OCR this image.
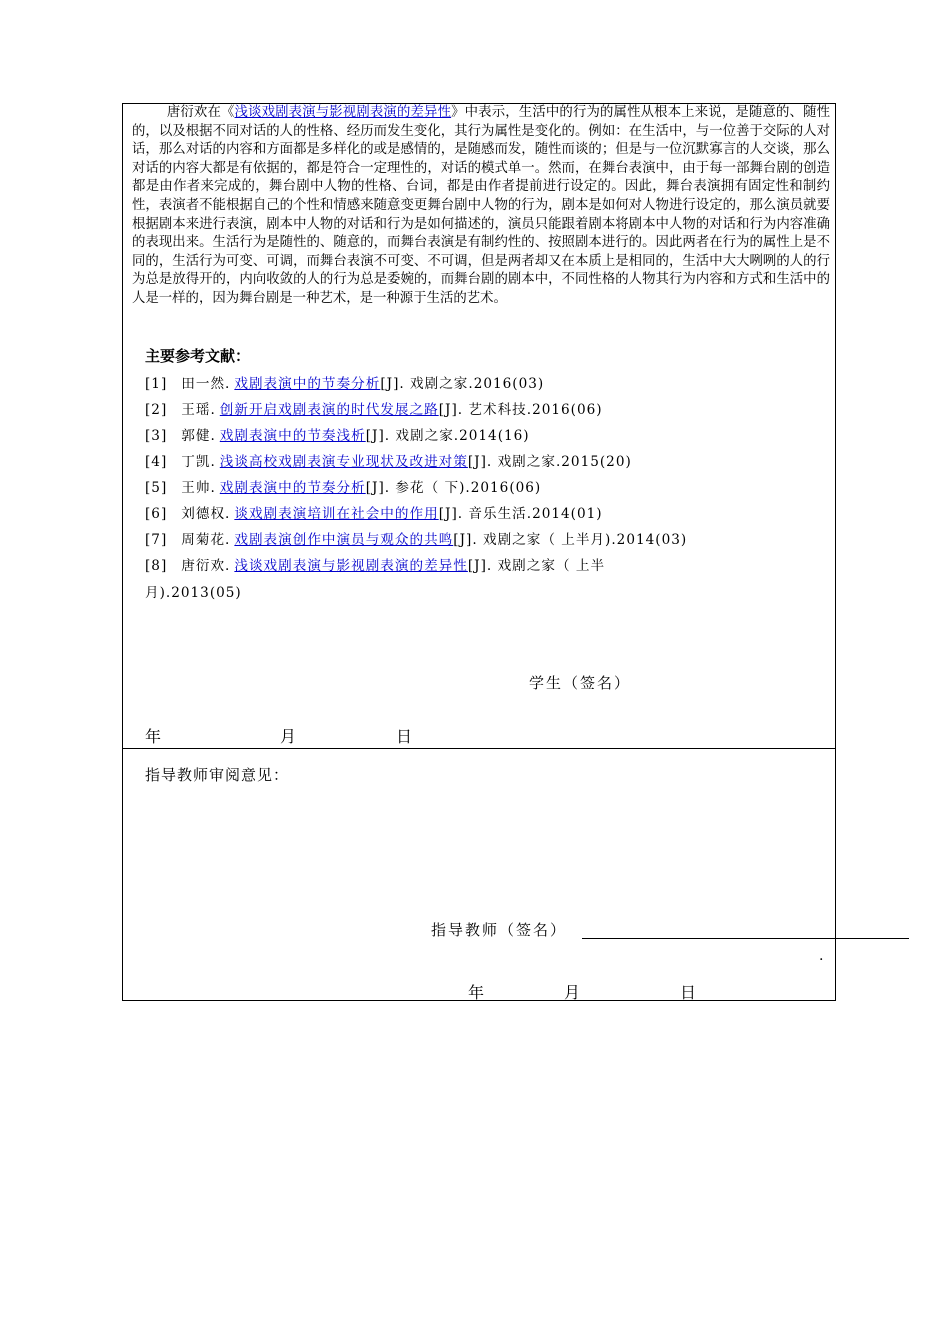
唐衍欢在《浅谈戏剧表演与影视剧表演的差异性》中表示，生活中的行为的属性从根本上来说，是随意的、随性的，以及根据不同对话的人的性格、经历而发生变化，其行为属性是变化的。例如：在生活中，与一位善于交际的人对话，那么对话的内容和方面都是多样化的或是感情的，是随感而发，随性而谈的；但是与一位沉默寡言的人交谈，那么对话的内容大都是有依据的，都是符合一定理性的，对话的模式单一。然而，在舞台表演中，由于每一部舞台剧的创造都是由作者来完成的，舞台剧中人物的性格、台词，都是由作者提前进行设定的。因此，舞台表演拥有固定性和制约性，表演者不能根据自己的个性和情感来随意变更舞台剧中人物的行为，剧本是如何对人物进行设定的，那么演员就要根据剧本来进行表演，剧本中人物的对话和行为是如何描述的，演员只能跟着剧本将剧本中人物的对话和行为内容准确的表现出来。生活行为是随性的、随意的，而舞台表演是有制约性的、按照剧本进行的。因此两者在行为的属性上是不同的，生活行为可变、可调，而舞台表演不可变、不可调，但是两者却又在本质上是相同的，生活中大大咧咧的人的行为总是放得开的，内向收敛的人的行为总是委婉的，而舞台剧的剧本中，不同性格的人物其行为内容和方式和生活中的人是一样的，因为舞台剧是一种艺术，是一种源于生活的艺术。

主要参考文献：
[1] 田一然. 戏剧表演中的节奏分析[J]. 戏剧之家.2016(03)
[2] 王瑶. 创新开启戏剧表演的时代发展之路[J]. 艺术科技.2016(06)
[3] 郭健. 戏剧表演中的节奏浅析[J]. 戏剧之家.2014(16)
[4] 丁凯. 浅谈高校戏剧表演专业现状及改进对策[J]. 戏剧之家.2015(20)
[5] 王帅. 戏剧表演中的节奏分析[J]. 参花（ 下).2016(06)
[6] 刘德权. 谈戏剧表演培训在社会中的作用[J]. 音乐生活.2014(01)
[7] 周菊花. 戏剧表演创作中演员与观众的共鸣[J]. 戏剧之家（ 上半月).2014(03)
[8] 唐衍欢. 浅谈戏剧表演与影视剧表演的差异性[J]. 戏剧之家（ 上半
月).2013(05)
学生（签名）
年	月	日
指导教师审阅意见：
指导教师（签名）
.
年	月	日
